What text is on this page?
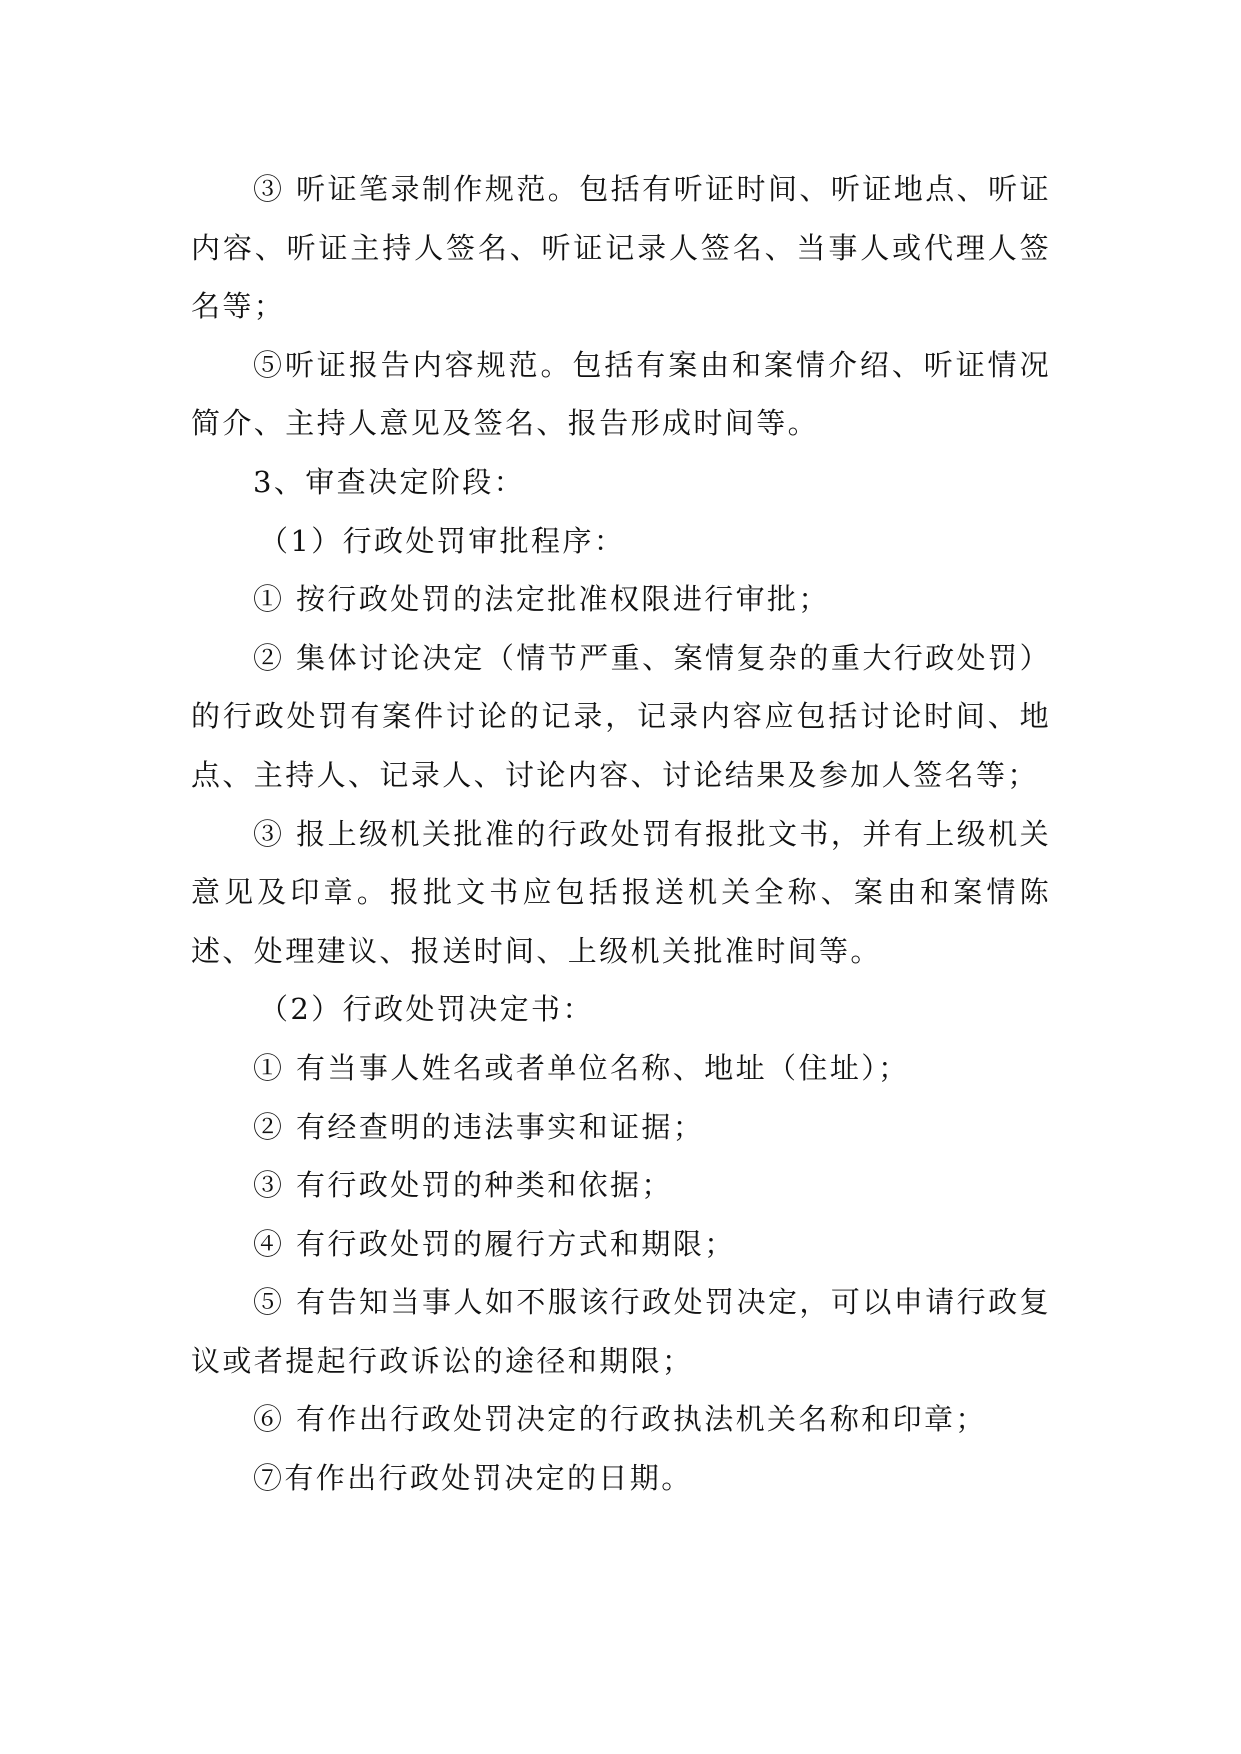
③ 听证笔录制作规范。包括有听证时间、听证地点、听证内容、听证主持人签名、听证记录人签名、当事人或代理人签名等；

⑤听证报告内容规范。包括有案由和案情介绍、听证情况简介、主持人意见及签名、报告形成时间等。

3、审查决定阶段：

（1）行政处罚审批程序：

① 按行政处罚的法定批准权限进行审批；

② 集体讨论决定（情节严重、案情复杂的重大行政处罚）的行政处罚有案件讨论的记录，记录内容应包括讨论时间、地点、主持人、记录人、讨论内容、讨论结果及参加人签名等；

③ 报上级机关批准的行政处罚有报批文书，并有上级机关意见及印章。报批文书应包括报送机关全称、案由和案情陈述、处理建议、报送时间、上级机关批准时间等。

（2）行政处罚决定书：

① 有当事人姓名或者单位名称、地址（住址）；

② 有经查明的违法事实和证据；

③ 有行政处罚的种类和依据；

④ 有行政处罚的履行方式和期限；

⑤ 有告知当事人如不服该行政处罚决定，可以申请行政复议或者提起行政诉讼的途径和期限；

⑥ 有作出行政处罚决定的行政执法机关名称和印章；

⑦有作出行政处罚决定的日期。
